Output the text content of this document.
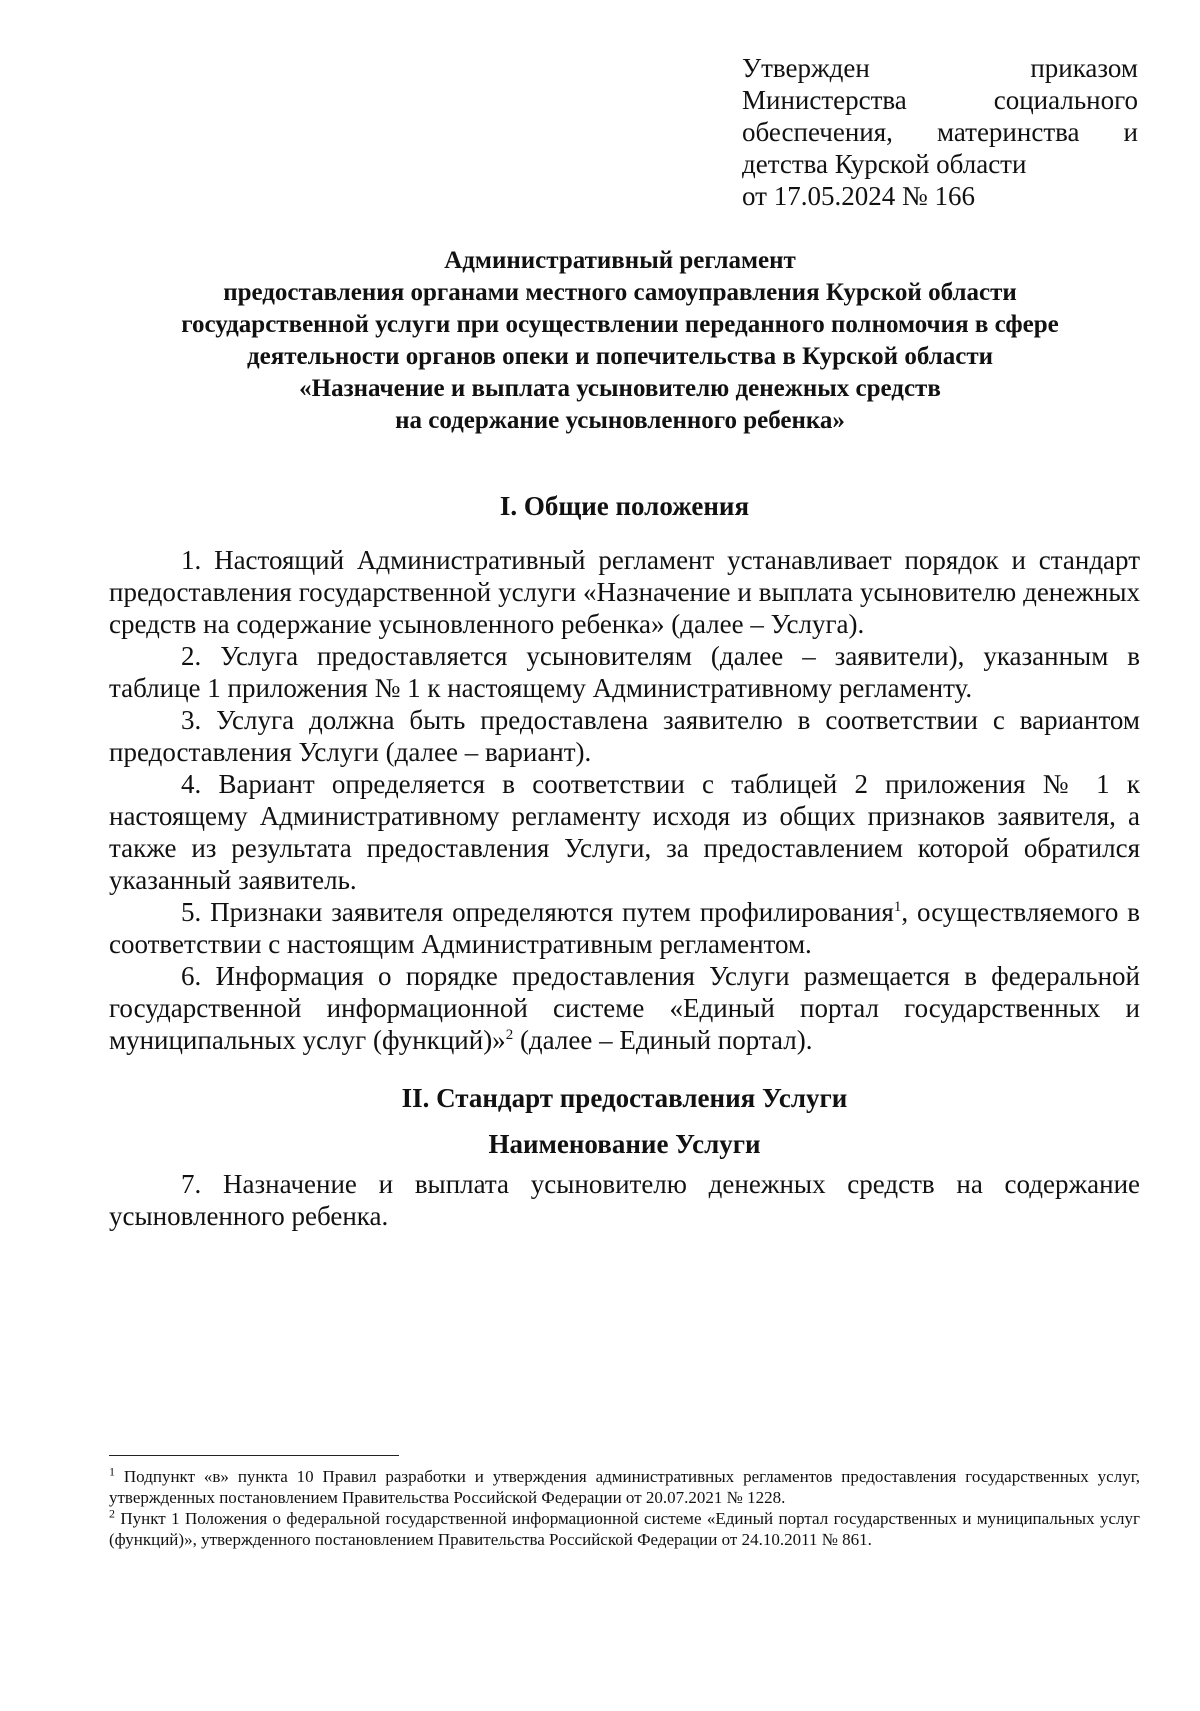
Утвержден приказом
Министерства социального
обеспечения, материнства и
детства Курской области
от 17.05.2024 № 166
Административный регламент
предоставления органами местного самоуправления Курской области
государственной услуги при осуществлении переданного полномочия в сфере
деятельности органов опеки и попечительства в Курской области
«Назначение и выплата усыновителю денежных средств
на содержание усыновленного ребенка»
I. Общие положения

1. Настоящий Административный регламент устанавливает порядок и стандарт предоставления государственной услуги «Назначение и выплата усыновителю денежных средств на содержание усыновленного ребенка» (далее – Услуга).

2. Услуга предоставляется усыновителям (далее – заявители), указанным в таблице 1 приложения № 1 к настоящему Административному регламенту.

3. Услуга должна быть предоставлена заявителю в соответствии с вариантом предоставления Услуги (далее – вариант).

4. Вариант определяется в соответствии с таблицей 2 приложения № 1 к настоящему Административному регламенту исходя из общих признаков заявителя, а также из результата предоставления Услуги, за предоставлением которой обратился указанный заявитель.

5. Признаки заявителя определяются путем профилирования$^1$, осуществляемого в соответствии с настоящим Административным регламентом.

6. Информация о порядке предоставления Услуги размещается в федеральной государственной информационной системе «Единый портал государственных и муниципальных услуг (функций)»$^2$ (далее – Единый портал).

II. Стандарт предоставления Услуги
Наименование Услуги

7. Назначение и выплата усыновителю денежных средств на содержание усыновленного ребенка.

$^1$ Подпункт «в» пункта 10 Правил разработки и утверждения административных регламентов предоставления государственных услуг, утвержденных постановлением Правительства Российской Федерации от 20.07.2021 № 1228.

$^2$ Пункт 1 Положения о федеральной государственной информационной системе «Единый портал государственных и муниципальных услуг (функций)», утвержденного постановлением Правительства Российской Федерации от 24.10.2011 № 861.
